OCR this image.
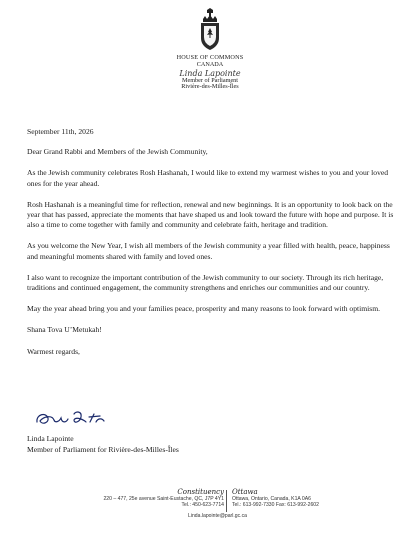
HOUSE OF COMMONS
CANADA
Linda Lapointe
Member of Parliament
Rivière-des-Milles-Îles

September 11th, 2026

Dear Grand Rabbi and Members of the Jewish Community,

As the Jewish community celebrates Rosh Hashanah, I would like to extend my warmest wishes to you and your loved ones for the year ahead.

Rosh Hashanah is a meaningful time for reflection, renewal and new beginnings. It is an opportunity to look back on the year that has passed, appreciate the moments that have shaped us and look toward the future with hope and purpose. It is also a time to come together with family and community and celebrate faith, heritage and tradition.

As you welcome the New Year, I wish all members of the Jewish community a year filled with health, peace, happiness and meaningful moments shared with family and loved ones.

I also want to recognize the important contribution of the Jewish community to our society. Through its rich heritage, traditions and continued engagement, the community strengthens and enriches our communities and our country.

May the year ahead bring you and your families peace, prosperity and many reasons to look forward with optimism.

Shana Tova U’Metukah!

Warmest regards,

Linda Lapointe
Member of Parliament for Rivière-des-Milles-Îles
Constituency
220 – 477, 25e avenue Saint-Eustache, QC, J7P 4Y1
Tel.: 450-623-7714
Ottawa
Ottawa, Ontario, Canada, K1A 0A6
Tel.: 613-992-7330 Fax: 613-992-2602
Linda.lapointe@parl.gc.ca
